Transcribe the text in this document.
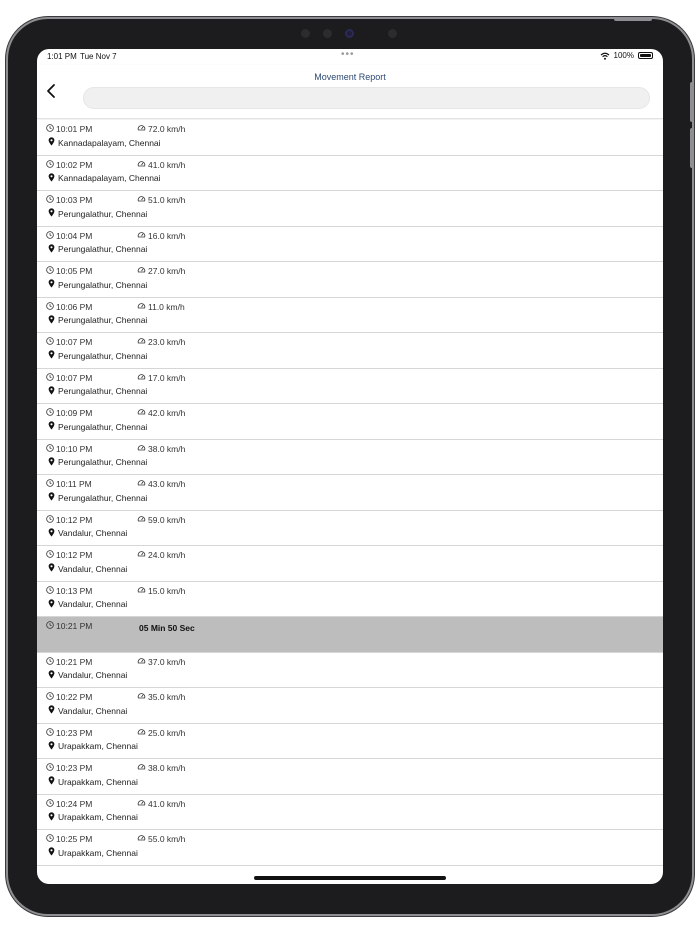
1:01 PM Tue Nov 7	•••	100%
Movement Report
10:01 PM	72.0 km/h
Kannadapalayam, Chennai
10:02 PM	41.0 km/h
Kannadapalayam, Chennai
10:03 PM	51.0 km/h
Perungalathur, Chennai
10:04 PM	16.0 km/h
Perungalathur, Chennai
10:05 PM	27.0 km/h
Perungalathur, Chennai
10:06 PM	11.0 km/h
Perungalathur, Chennai
10:07 PM	23.0 km/h
Perungalathur, Chennai
10:07 PM	17.0 km/h
Perungalathur, Chennai
10:09 PM	42.0 km/h
Perungalathur, Chennai
10:10 PM	38.0 km/h
Perungalathur, Chennai
10:11 PM	43.0 km/h
Perungalathur, Chennai
10:12 PM	59.0 km/h
Vandalur, Chennai
10:12 PM	24.0 km/h
Vandalur, Chennai
10:13 PM	15.0 km/h
Vandalur, Chennai
10:21 PM	05 Min 50 Sec
10:21 PM	37.0 km/h
Vandalur, Chennai
10:22 PM	35.0 km/h
Vandalur, Chennai
10:23 PM	25.0 km/h
Urapakkam, Chennai
10:23 PM	38.0 km/h
Urapakkam, Chennai
10:24 PM	41.0 km/h
Urapakkam, Chennai
10:25 PM	55.0 km/h
Urapakkam, Chennai
